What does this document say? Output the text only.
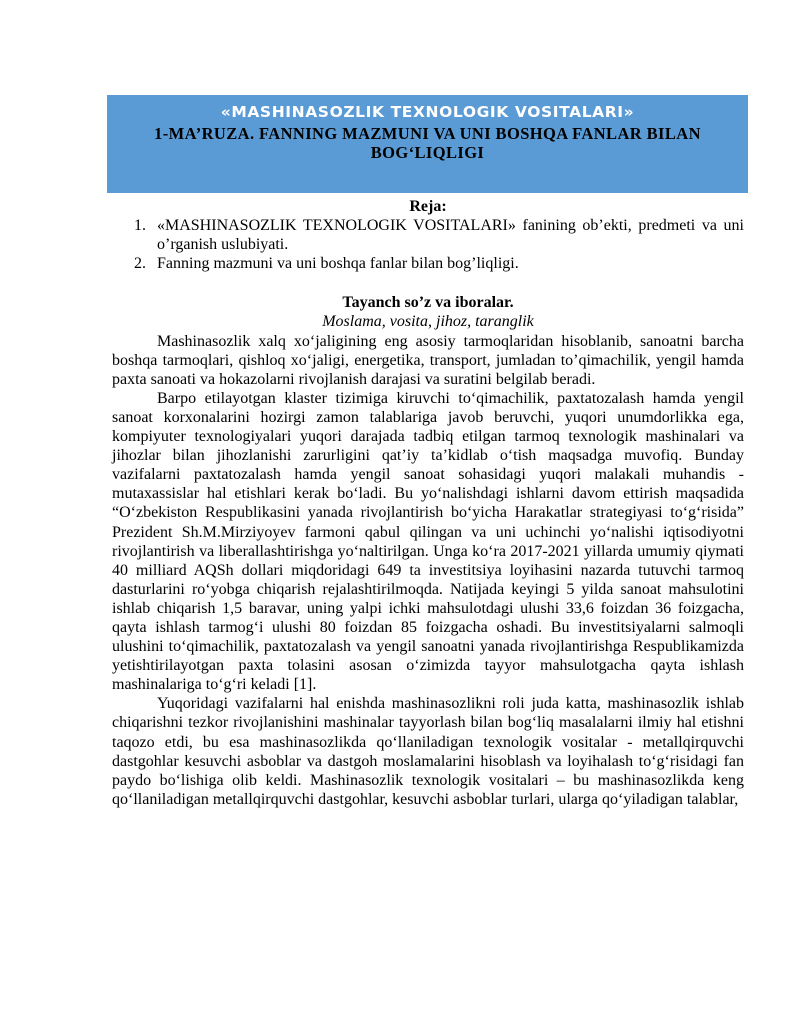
«MASHINASOZLIK TEXNOLOGIK VOSITALARI»
1-MA’RUZA. FANNING MAZMUNI VA UNI BOSHQA FANLAR BILAN BOG‘LIQLIGI
Reja:
1. «MASHINASOZLIK TEXNOLOGIK VOSITALARI» fanining ob’ekti, predmeti va uni o’rganish uslubiyati.
2. Fanning mazmuni va uni boshqa fanlar bilan bog’liqligi.
Tayanch so’z va iboralar.
Moslama, vosita, jihoz, taranglik

Mashinasozlik xalq xo‘jaligining eng asosiy tarmoqlaridan hisoblanib, sanoatni barcha boshqa tarmoqlari, qishloq xo‘jaligi, energetika, transport, jumladan to’qimachilik, yengil hamda paxta sanoati va hokazolarni rivojlanish darajasi va suratini belgilab beradi.

Barpo etilayotgan klaster tizimiga kiruvchi to‘qimachilik, paxtatozalash hamda yengil sanoat korxonalarini hozirgi zamon talablariga javob beruvchi, yuqori unumdorlikka ega, kompiyuter texnologiyalari yuqori darajada tadbiq etilgan tarmoq texnologik mashinalari va jihozlar bilan jihozlanishi zarurligini qat’iy ta’kidlab o‘tish maqsadga muvofiq. Bunday vazifalarni paxtatozalash hamda yengil sanoat sohasidagi yuqori malakali muhandis - mutaxassislar hal etishlari kerak bo‘ladi. Bu yo‘nalishdagi ishlarni davom ettirish maqsadida “O‘zbekiston Respublikasini yanada rivojlantirish bo‘yicha Harakatlar strategiyasi to‘g‘risida” Prezident Sh.M.Mirziyoyev farmoni qabul qilingan va uni uchinchi yo‘nalishi iqtisodiyotni rivojlantirish va liberallashtirishga yo‘naltirilgan. Unga ko‘ra 2017-2021 yillarda umumiy qiymati 40 milliard AQSh dollari miqdoridagi 649 ta investitsiya loyihasini nazarda tutuvchi tarmoq dasturlarini ro‘yobga chiqarish rejalashtirilmoqda. Natijada keyingi 5 yilda sanoat mahsulotini ishlab chiqarish 1,5 baravar, uning yalpi ichki mahsulotdagi ulushi 33,6 foizdan 36 foizgacha, qayta ishlash tarmog‘i ulushi 80 foizdan 85 foizgacha oshadi. Bu investitsiyalarni salmoqli ulushini to‘qimachilik, paxtatozalash va yengil sanoatni yanada rivojlantirishga Respublikamizda yetishtirilayotgan paxta tolasini asosan o‘zimizda tayyor mahsulotgacha qayta ishlash mashinalariga to‘g‘ri keladi [1].

Yuqoridagi vazifalarni hal enishda mashinasozlikni roli juda katta, mashinasozlik ishlab chiqarishni tezkor rivojlanishini mashinalar tayyorlash bilan bog‘liq masalalarni ilmiy hal etishni taqozo etdi, bu esa mashinasozlikda qo‘llaniladigan texnologik vositalar - metallqirquvchi dastgohlar kesuvchi asboblar va dastgoh moslamalarini hisoblash va loyihalash to‘g‘risidagi fan paydo bo‘lishiga olib keldi. Mashinasozlik texnologik vositalari – bu mashinasozlikda keng qo‘llaniladigan metallqirquvchi dastgohlar, kesuvchi asboblar turlari, ularga qo‘yiladigan talablar,
